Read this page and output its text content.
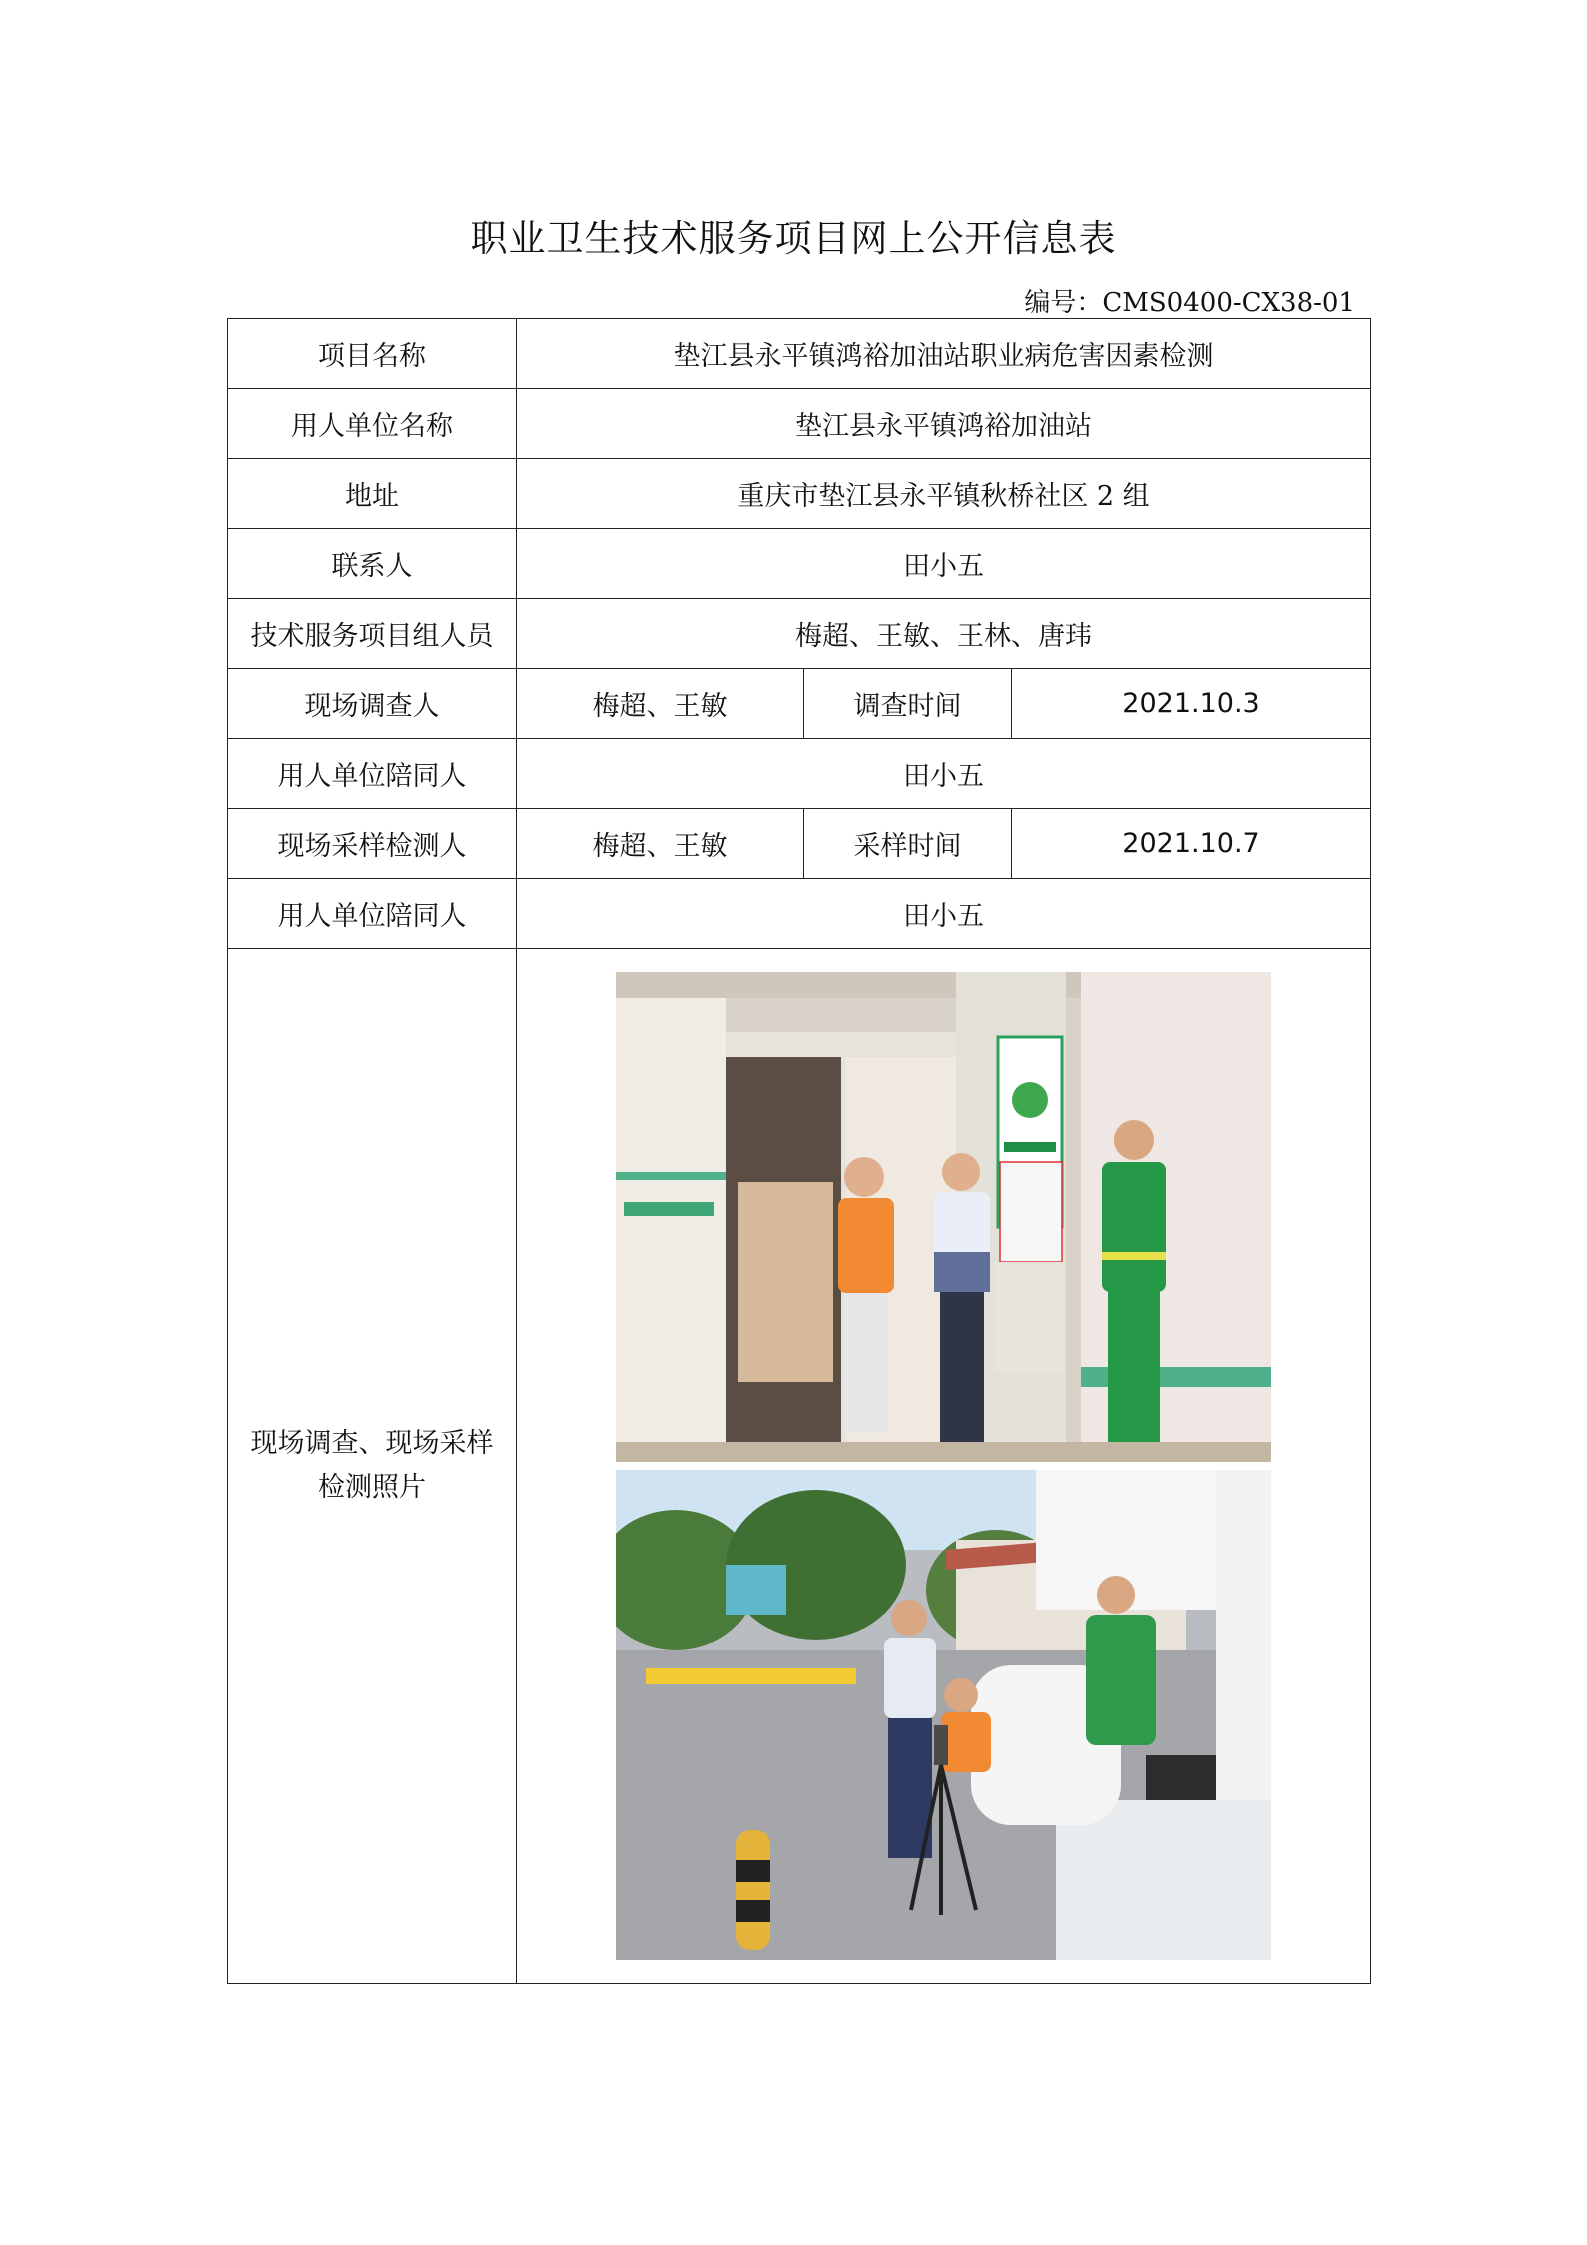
职业卫生技术服务项目网上公开信息表
编号：CMS0400-CX38-01
项目名称	垫江县永平镇鸿裕加油站职业病危害因素检测		
用人单位名称	垫江县永平镇鸿裕加油站		
地址	重庆市垫江县永平镇秋桥社区 2 组		
联系人	田小五		
技术服务项目组人员	梅超、王敏、王林、唐玮		
现场调查人	梅超、王敏	调查时间	2021.10.3
用人单位陪同人	田小五		
现场采样检测人	梅超、王敏	采样时间	2021.10.7
用人单位陪同人	田小五		

现场调查、现场采样
检测照片
